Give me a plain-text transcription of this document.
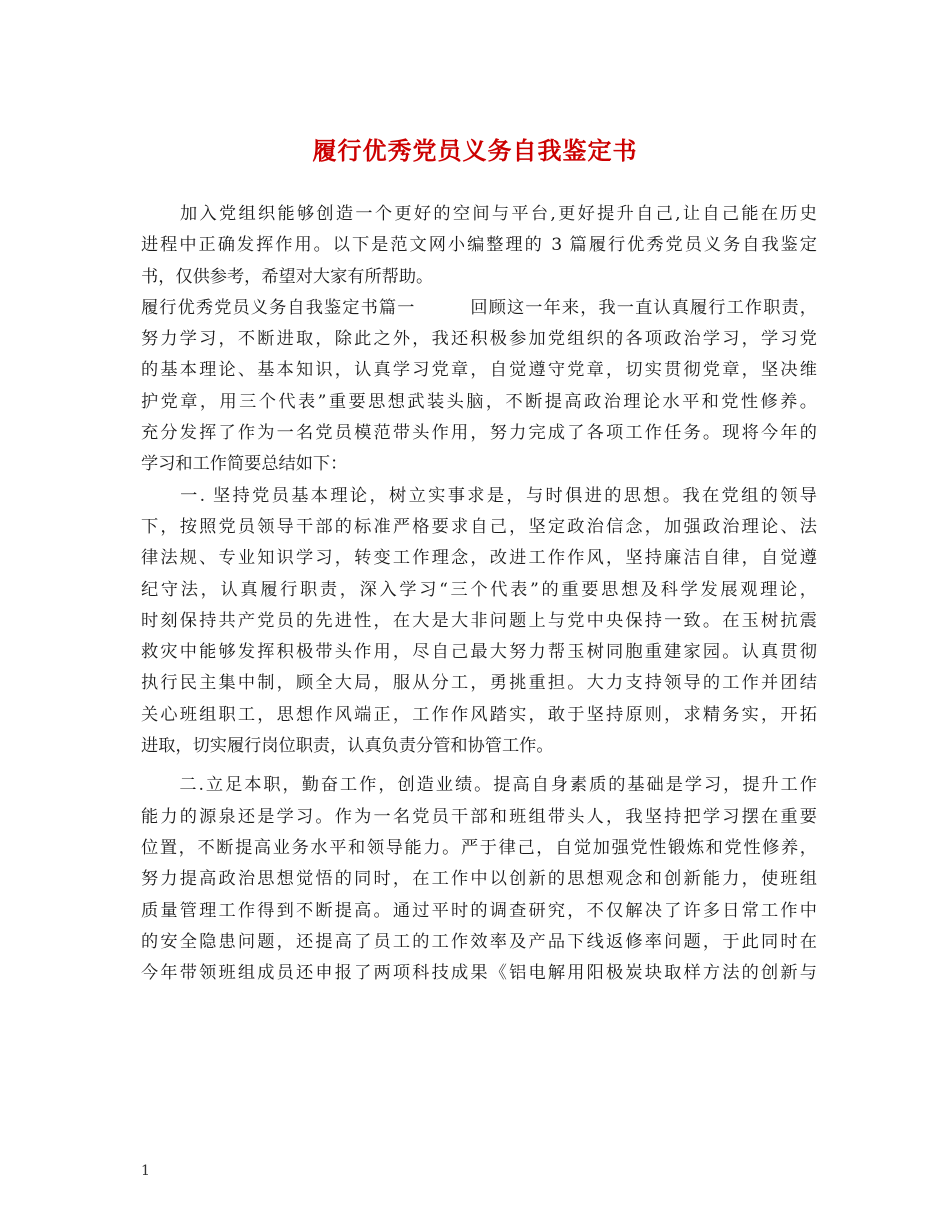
履行优秀党员义务自我鉴定书
　　加入党组织能够创造一个更好的空间与平台,更好提升自己,让自己能在历史
进程中正确发挥作用。以下是范文网小编整理的 3 篇履行优秀党员义务自我鉴定
书，仅供参考，希望对大家有所帮助。
履行优秀党员义务自我鉴定书篇一　　　回顾这一年来，我一直认真履行工作职责，
努力学习，不断进取，除此之外，我还积极参加党组织的各项政治学习，学习党
的基本理论、基本知识，认真学习党章，自觉遵守党章，切实贯彻党章，坚决维
护党章，用三个代表”重要思想武装头脑，不断提高政治理论水平和党性修养。
充分发挥了作为一名党员模范带头作用，努力完成了各项工作任务。现将今年的
学习和工作简要总结如下：
　　一. 坚持党员基本理论，树立实事求是，与时俱进的思想。我在党组的领导
下，按照党员领导干部的标准严格要求自己，坚定政治信念，加强政治理论、法
律法规、专业知识学习，转变工作理念，改进工作作风，坚持廉洁自律，自觉遵
纪守法，认真履行职责，深入学习“三个代表”的重要思想及科学发展观理论，
时刻保持共产党员的先进性，在大是大非问题上与党中央保持一致。在玉树抗震
救灾中能够发挥积极带头作用，尽自己最大努力帮玉树同胞重建家园。认真贯彻
执行民主集中制，顾全大局，服从分工，勇挑重担。大力支持领导的工作并团结
关心班组职工，思想作风端正，工作作风踏实，敢于坚持原则，求精务实，开拓
进取，切实履行岗位职责，认真负责分管和协管工作。
　　二.立足本职，勤奋工作，创造业绩。提高自身素质的基础是学习，提升工作
能力的源泉还是学习。作为一名党员干部和班组带头人，我坚持把学习摆在重要
位置，不断提高业务水平和领导能力。严于律己，自觉加强党性锻炼和党性修养，
努力提高政治思想觉悟的同时，在工作中以创新的思想观念和创新能力，使班组
质量管理工作得到不断提高。通过平时的调查研究，不仅解决了许多日常工作中
的安全隐患问题，还提高了员工的工作效率及产品下线返修率问题，于此同时在
今年带领班组成员还申报了两项科技成果《铝电解用阳极炭块取样方法的创新与
1
